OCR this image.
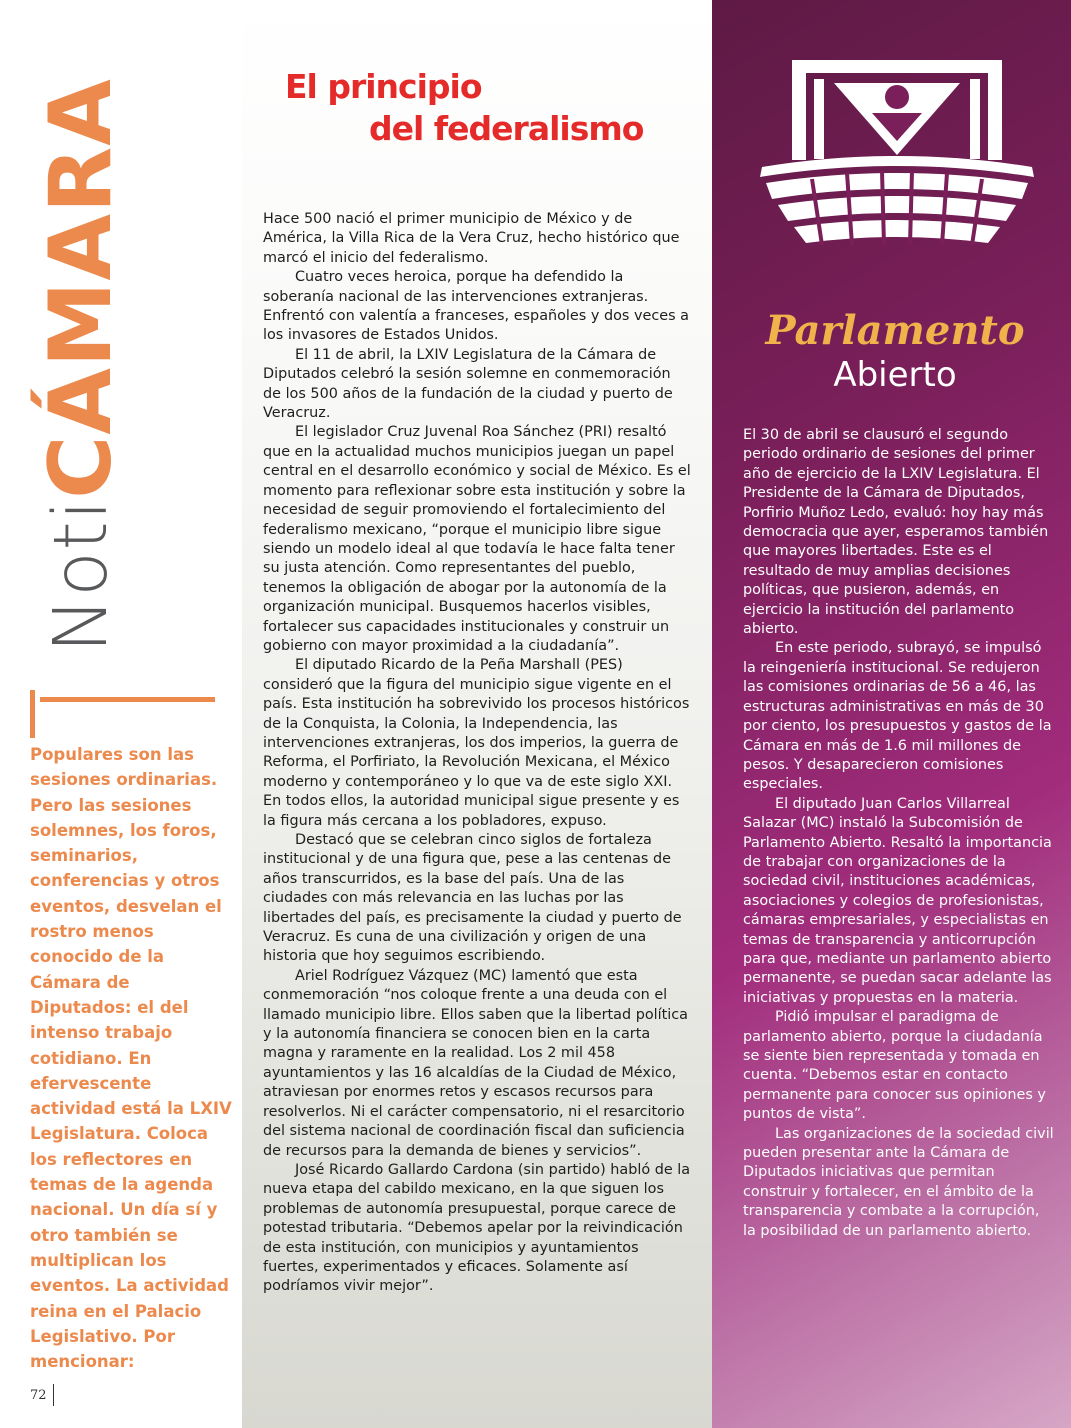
Noti
CÁMARA

Populares son las sesiones ordinarias. Pero las sesiones solemnes, los foros, seminarios, conferencias y otros eventos, desvelan el rostro menos conocido de la Cámara de Diputados: el del intenso trabajo cotidiano. En efervescente actividad está la LXIV Legislatura. Coloca los reflectores en temas de la agenda nacional. Un día sí y otro también se multiplican los eventos. La actividad reina en el Palacio Legislativo. Por mencionar:

72
El principio
del federalismo

Hace 500 nació el primer municipio de México y de América, la Villa Rica de la Vera Cruz, hecho histórico que marcó el inicio del federalismo.

Cuatro veces heroica, porque ha defendido la soberanía nacional de las intervenciones extranjeras. Enfrentó con valentía a franceses, españoles y dos veces a los invasores de Estados Unidos.

El 11 de abril, la LXIV Legislatura de la Cámara de Diputados celebró la sesión solemne en conmemoración de los 500 años de la fundación de la ciudad y puerto de Veracruz.

El legislador Cruz Juvenal Roa Sánchez (PRI) resaltó que en la actualidad muchos municipios juegan un papel central en el desarrollo económico y social de México. Es el momento para reflexionar sobre esta institución y sobre la necesidad de seguir promoviendo el fortalecimiento del federalismo mexicano, “porque el municipio libre sigue siendo un modelo ideal al que todavía le hace falta tener su justa atención. Como representantes del pueblo, tenemos la obligación de abogar por la autonomía de la organización municipal. Busquemos hacerlos visibles, fortalecer sus capacidades institucionales y construir un gobierno con mayor proximidad a la ciudadanía”.

El diputado Ricardo de la Peña Marshall (PES) consideró que la figura del municipio sigue vigente en el país. Esta institución ha sobrevivido los procesos históricos de la Conquista, la Colonia, la Independencia, las intervenciones extranjeras, los dos imperios, la guerra de Reforma, el Porfiriato, la Revolución Mexicana, el México moderno y contemporáneo y lo que va de este siglo XXI. En todos ellos, la autoridad municipal sigue presente y es la figura más cercana a los pobladores, expuso.

Destacó que se celebran cinco siglos de fortaleza institucional y de una figura que, pese a las centenas de años transcurridos, es la base del país. Una de las ciudades con más relevancia en las luchas por las libertades del país, es precisamente la ciudad y puerto de Veracruz. Es cuna de una civilización y origen de una historia que hoy seguimos escribiendo.

Ariel Rodríguez Vázquez (MC) lamentó que esta conmemoración “nos coloque frente a una deuda con el llamado municipio libre. Ellos saben que la libertad política y la autonomía financiera se conocen bien en la carta magna y raramente en la realidad. Los 2 mil 458 ayuntamientos y las 16 alcaldías de la Ciudad de México, atraviesan por enormes retos y escasos recursos para resolverlos. Ni el carácter compensatorio, ni el resarcitorio del sistema nacional de coordinación fiscal dan suficiencia de recursos para la demanda de bienes y servicios”.

José Ricardo Gallardo Cardona (sin partido) habló de la nueva etapa del cabildo mexicano, en la que siguen los problemas de autonomía presupuestal, porque carece de potestad tributaria. “Debemos apelar por la reivindicación de esta institución, con municipios y ayuntamientos fuertes, experimentados y eficaces. Solamente así podríamos vivir mejor”.

Parlamento

Abierto

El 30 de abril se clausuró el segundo periodo ordinario de sesiones del primer año de ejercicio de la LXIV Legislatura. El Presidente de la Cámara de Diputados, Porfirio Muñoz Ledo, evaluó: hoy hay más democracia que ayer, esperamos también que mayores libertades. Este es el resultado de muy amplias decisiones políticas, que pusieron, además, en ejercicio la institución del parlamento abierto.

En este periodo, subrayó, se impulsó la reingeniería institucional. Se redujeron las comisiones ordinarias de 56 a 46, las estructuras administrativas en más de 30 por ciento, los presupuestos y gastos de la Cámara en más de 1.6 mil millones de pesos. Y desaparecieron comisiones especiales.

El diputado Juan Carlos Villarreal Salazar (MC) instaló la Subcomisión de Parlamento Abierto. Resaltó la importancia de trabajar con organizaciones de la sociedad civil, instituciones académicas, asociaciones y colegios de profesionistas, cámaras empresariales, y especialistas en temas de transparencia y anticorrupción para que, mediante un parlamento abierto permanente, se puedan sacar adelante las iniciativas y propuestas en la materia.

Pidió impulsar el paradigma de parlamento abierto, porque la ciudadanía se siente bien representada y tomada en cuenta. “Debemos estar en contacto permanente para conocer sus opiniones y puntos de vista”.

Las organizaciones de la sociedad civil pueden presentar ante la Cámara de Diputados iniciativas que permitan construir y fortalecer, en el ámbito de la transparencia y combate a la corrupción, la posibilidad de un parlamento abierto.
